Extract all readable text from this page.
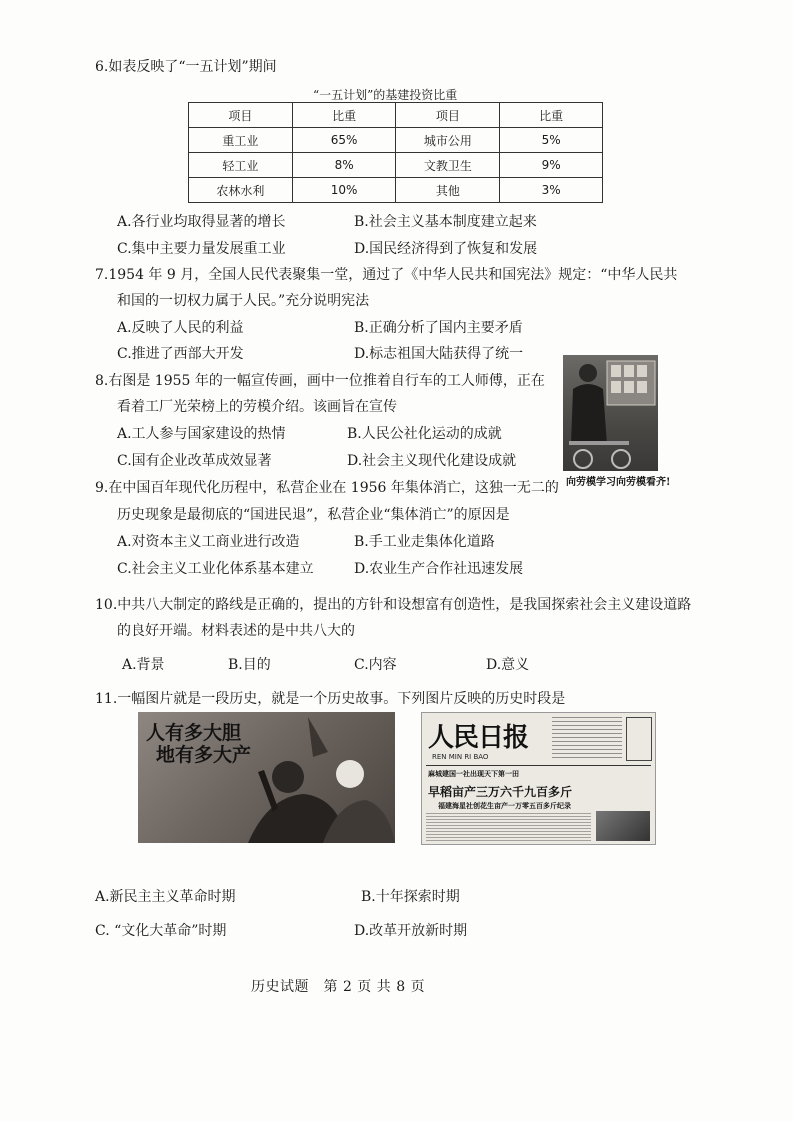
6.如表反映了“一五计划”期间
“一五计划”的基建投资比重
项目	比重	项目	比重
重工业	65%	城市公用	5%
轻工业	8%	文教卫生	9%
农林水利	10%	其他	3%
A.各行业均取得显著的增长	B.社会主义基本制度建立起来
C.集中主要力量发展重工业	D.国民经济得到了恢复和发展
7.1954 年 9 月，全国人民代表聚集一堂，通过了《中华人民共和国宪法》规定：“中华人民共
和国的一切权力属于人民。”充分说明宪法
A.反映了人民的利益	B.正确分析了国内主要矛盾
C.推进了西部大开发	D.标志祖国大陆获得了统一
8.右图是 1955 年的一幅宣传画，画中一位推着自行车的工人师傅，正在
看着工厂光荣榜上的劳模介绍。该画旨在宣传
A.工人参与国家建设的热情	B.人民公社化运动的成就
C.国有企业改革成效显著	D.社会主义现代化建设成就
向劳模学习向劳模看齐!
9.在中国百年现代化历程中，私营企业在 1956 年集体消亡，这独一无二的
历史现象是最彻底的“国进民退”，私营企业“集体消亡”的原因是
A.对资本主义工商业进行改造	B.手工业走集体化道路
C.社会主义工业化体系基本建立	D.农业生产合作社迅速发展
10.中共八大制定的路线是正确的，提出的方针和设想富有创造性，是我国探索社会主义建设道路
的良好开端。材料表述的是中共八大的
A.背景	B.目的	C.内容	D.意义
11.一幅图片就是一段历史，就是一个历史故事。下列图片反映的历史时段是
人有多大胆
地有多大产
人民日报
REN MIN RI BAO
麻城建国一社出现天下第一田
早稻亩产三万六千九百多斤
福建海星社创花生亩产一万零五百多斤纪录
A.新民主主义革命时期	B.十年探索时期
C. “文化大革命”时期	D.改革开放新时期
历史试题　第 2 页 共 8 页
